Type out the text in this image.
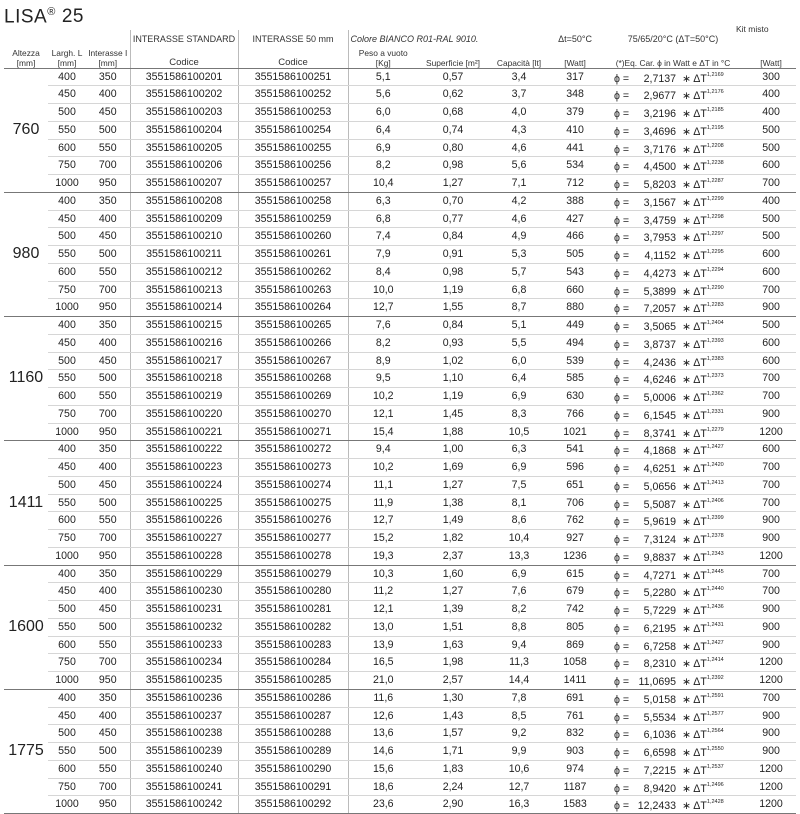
LISA® 25
Kit misto
			INTERASSE STANDARD	INTERASSE 50 mm	Colore BIANCO R01-RAL 9010.			Δt=50°C	75/65/20°C (ΔT=50°C)	
Altezza [mm]	Largh. L [mm]	Interasse I [mm]	Codice	Codice	Peso a vuoto [Kg]	Superficie [m²]	Capacità [lt]	[Watt]	(*)Eq. Car. ϕ in Watt e ΔT in °C	[Watt]
760	400	350	3551586100201	3551586100251	5,1	0,57	3,4	317	ϕ = 2,7137 ∗ $\Delta T^{1,2169}$	300
	450	400	3551586100202	3551586100252	5,6	0,62	3,7	348	ϕ = 2,9677 ∗ $\Delta T^{1,2176}$	400
	500	450	3551586100203	3551586100253	6,0	0,68	4,0	379	ϕ = 3,2196 ∗ $\Delta T^{1,2185}$	400
	550	500	3551586100204	3551586100254	6,4	0,74	4,3	410	ϕ = 3,4696 ∗ $\Delta T^{1,2195}$	500
	600	550	3551586100205	3551586100255	6,9	0,80	4,6	441	ϕ = 3,7176 ∗ $\Delta T^{1,2208}$	500
	750	700	3551586100206	3551586100256	8,2	0,98	5,6	534	ϕ = 4,4500 ∗ $\Delta T^{1,2238}$	600
	1000	950	3551586100207	3551586100257	10,4	1,27	7,1	712	ϕ = 5,8203 ∗ $\Delta T^{1,2287}$	700
980	400	350	3551586100208	3551586100258	6,3	0,70	4,2	388	ϕ = 3,1567 ∗ $\Delta T^{1,2299}$	400
	450	400	3551586100209	3551586100259	6,8	0,77	4,6	427	ϕ = 3,4759 ∗ $\Delta T^{1,2298}$	500
	500	450	3551586100210	3551586100260	7,4	0,84	4,9	466	ϕ = 3,7953 ∗ $\Delta T^{1,2297}$	500
	550	500	3551586100211	3551586100261	7,9	0,91	5,3	505	ϕ = 4,1152 ∗ $\Delta T^{1,2295}$	600
	600	550	3551586100212	3551586100262	8,4	0,98	5,7	543	ϕ = 4,4273 ∗ $\Delta T^{1,2294}$	600
	750	700	3551586100213	3551586100263	10,0	1,19	6,8	660	ϕ = 5,3899 ∗ $\Delta T^{1,2290}$	700
	1000	950	3551586100214	3551586100264	12,7	1,55	8,7	880	ϕ = 7,2057 ∗ $\Delta T^{1,2283}$	900
1160	400	350	3551586100215	3551586100265	7,6	0,84	5,1	449	ϕ = 3,5065 ∗ $\Delta T^{1,2404}$	500
	450	400	3551586100216	3551586100266	8,2	0,93	5,5	494	ϕ = 3,8737 ∗ $\Delta T^{1,2393}$	600
	500	450	3551586100217	3551586100267	8,9	1,02	6,0	539	ϕ = 4,2436 ∗ $\Delta T^{1,2383}$	600
	550	500	3551586100218	3551586100268	9,5	1,10	6,4	585	ϕ = 4,6246 ∗ $\Delta T^{1,2373}$	700
	600	550	3551586100219	3551586100269	10,2	1,19	6,9	630	ϕ = 5,0006 ∗ $\Delta T^{1,2362}$	700
	750	700	3551586100220	3551586100270	12,1	1,45	8,3	766	ϕ = 6,1545 ∗ $\Delta T^{1,2331}$	900
	1000	950	3551586100221	3551586100271	15,4	1,88	10,5	1021	ϕ = 8,3741 ∗ $\Delta T^{1,2279}$	1200
1411	400	350	3551586100222	3551586100272	9,4	1,00	6,3	541	ϕ = 4,1868 ∗ $\Delta T^{1,2427}$	600
	450	400	3551586100223	3551586100273	10,2	1,69	6,9	596	ϕ = 4,6251 ∗ $\Delta T^{1,2420}$	700
	500	450	3551586100224	3551586100274	11,1	1,27	7,5	651	ϕ = 5,0656 ∗ $\Delta T^{1,2413}$	700
	550	500	3551586100225	3551586100275	11,9	1,38	8,1	706	ϕ = 5,5087 ∗ $\Delta T^{1,2406}$	700
	600	550	3551586100226	3551586100276	12,7	1,49	8,6	762	ϕ = 5,9619 ∗ $\Delta T^{1,2399}$	900
	750	700	3551586100227	3551586100277	15,2	1,82	10,4	927	ϕ = 7,3124 ∗ $\Delta T^{1,2378}$	900
	1000	950	3551586100228	3551586100278	19,3	2,37	13,3	1236	ϕ = 9,8837 ∗ $\Delta T^{1,2343}$	1200
1600	400	350	3551586100229	3551586100279	10,3	1,60	6,9	615	ϕ = 4,7271 ∗ $\Delta T^{1,2445}$	700
	450	400	3551586100230	3551586100280	11,2	1,27	7,6	679	ϕ = 5,2280 ∗ $\Delta T^{1,2440}$	700
	500	450	3551586100231	3551586100281	12,1	1,39	8,2	742	ϕ = 5,7229 ∗ $\Delta T^{1,2436}$	900
	550	500	3551586100232	3551586100282	13,0	1,51	8,8	805	ϕ = 6,2195 ∗ $\Delta T^{1,2431}$	900
	600	550	3551586100233	3551586100283	13,9	1,63	9,4	869	ϕ = 6,7258 ∗ $\Delta T^{1,2427}$	900
	750	700	3551586100234	3551586100284	16,5	1,98	11,3	1058	ϕ = 8,2310 ∗ $\Delta T^{1,2414}$	1200
	1000	950	3551586100235	3551586100285	21,0	2,57	14,4	1411	ϕ = 11,0695 ∗ $\Delta T^{1,2392}$	1200
1775	400	350	3551586100236	3551586100286	11,6	1,30	7,8	691	ϕ = 5,0158 ∗ $\Delta T^{1,2591}$	700
	450	400	3551586100237	3551586100287	12,6	1,43	8,5	761	ϕ = 5,5534 ∗ $\Delta T^{1,2577}$	900
	500	450	3551586100238	3551586100288	13,6	1,57	9,2	832	ϕ = 6,1036 ∗ $\Delta T^{1,2564}$	900
	550	500	3551586100239	3551586100289	14,6	1,71	9,9	903	ϕ = 6,6598 ∗ $\Delta T^{1,2550}$	900
	600	550	3551586100240	3551586100290	15,6	1,83	10,6	974	ϕ = 7,2215 ∗ $\Delta T^{1,2537}$	1200
	750	700	3551586100241	3551586100291	18,6	2,24	12,7	1187	ϕ = 8,9420 ∗ $\Delta T^{1,2496}$	1200
	1000	950	3551586100242	3551586100292	23,6	2,90	16,3	1583	ϕ = 12,2433 ∗ $\Delta T^{1,2428}$	1200
